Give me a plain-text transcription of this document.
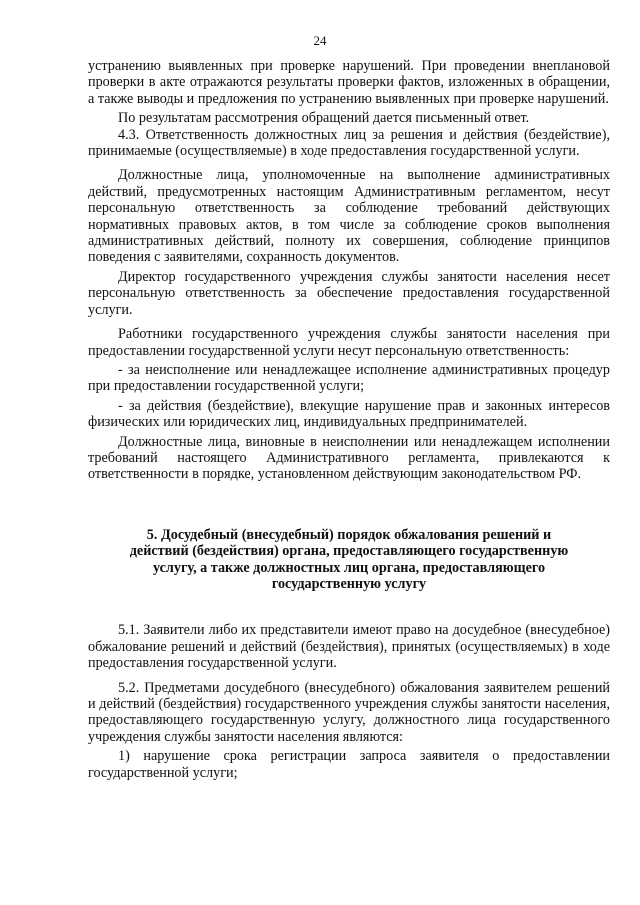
24

устранению выявленных при проверке нарушений. При проведении внеплановой проверки в акте отражаются результаты проверки фактов, изложенных в обращении, а также выводы и предложения по устранению выявленных при проверке нарушений.

По результатам рассмотрения обращений дается письменный ответ.

4.3. Ответственность должностных лиц за решения и действия (бездействие), принимаемые (осуществляемые) в ходе предоставления государственной услуги.

Должностные лица, уполномоченные на выполнение административных действий, предусмотренных настоящим Административным регламентом, несут персональную ответственность за соблюдение требований действующих нормативных правовых актов, в том числе за соблюдение сроков выполнения административных действий, полноту их совершения, соблюдение принципов поведения с заявителями, сохранность документов.

Директор государственного учреждения службы занятости населения несет персональную ответственность за обеспечение предоставления государственной услуги.

Работники государственного учреждения службы занятости населения при предоставлении государственной услуги несут персональную ответственность:

- за неисполнение или ненадлежащее исполнение административных процедур при предоставлении государственной услуги;

- за действия (бездействие), влекущие нарушение прав и законных интересов физических или юридических лиц, индивидуальных предпринимателей.

Должностные лица, виновные в неисполнении или ненадлежащем исполнении требований настоящего Административного регламента, привлекаются к ответственности в порядке, установленном действующим законодательством РФ.

5. Досудебный (внесудебный) порядок обжалования решений и
действий (бездействия) органа, предоставляющего государственную
услугу, а также должностных лиц органа, предоставляющего
государственную услугу

5.1. Заявители либо их представители имеют право на досудебное (внесудебное) обжалование решений и действий (бездействия), принятых (осуществляемых) в ходе предоставления государственной услуги.

5.2. Предметами досудебного (внесудебного) обжалования заявителем решений и действий (бездействия) государственного учреждения службы занятости населения, предоставляющего государственную услугу, должностного лица государственного учреждения службы занятости населения являются:

1) нарушение срока регистрации запроса заявителя о предоставлении государственной услуги;
